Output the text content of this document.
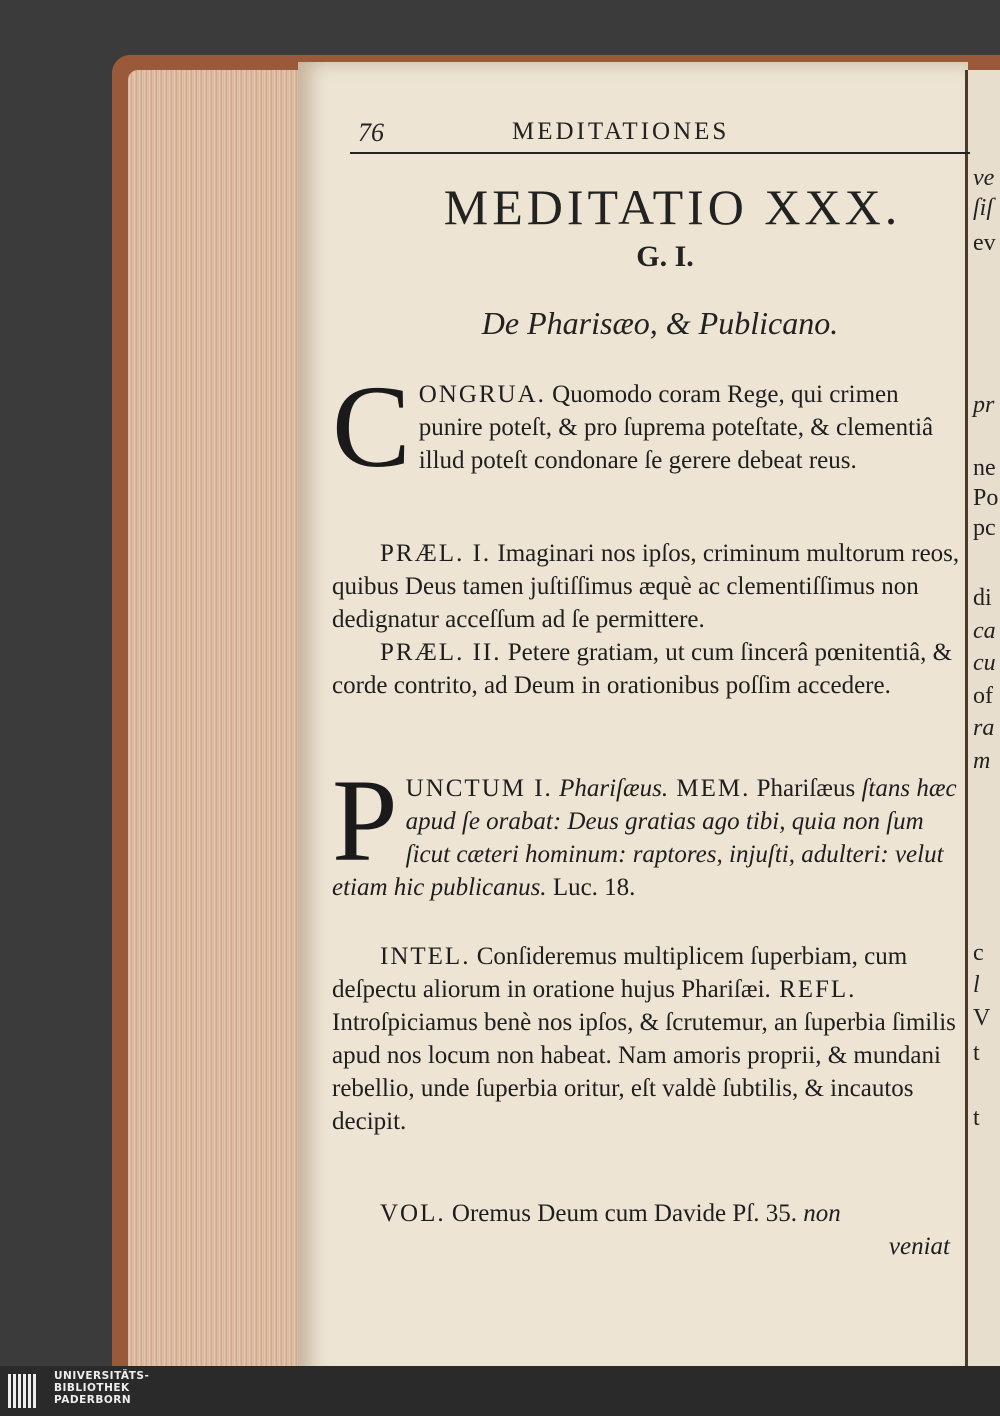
76	MEDITATIONES
MEDITATIO XXX.
G. I.
De Pharisæo, & Publicano.
C ONGRUA. Quomodo coram Rege, qui crimen punire poteſt, & pro ſuprema poteſtate, & clementiâ illud poteſt condonare ſe gerere debeat reus.
PRÆL. I. Imaginari nos ipſos, criminum multorum reos, quibus Deus tamen juſtiſſimus æquè ac clementiſſimus non dedignatur acceſſum ad ſe permittere.
PRÆL. II. Petere gratiam, ut cum ſincerâ pœnitentiâ, & corde contrito, ad Deum in orationibus poſſim accedere.
P UNCTUM I. Phariſæus. MEM. Phariſæus ſtans hæc apud ſe orabat: Deus gratias ago tibi, quia non ſum ſicut cæteri hominum: raptores, injuſti, adulteri: velut etiam hic publicanus. Luc. 18.
INTEL. Conſideremus multiplicem ſuperbiam, cum deſpectu aliorum in oratione hujus Phariſæi. REFL. Introſpiciamus benè nos ipſos, & ſcrutemur, an ſuperbia ſimilis apud nos locum non habeat. Nam amoris proprii, & mundani rebellio, unde ſuperbia oritur, eſt valdè ſubtilis, & incautos decipit.
VOL. Oremus Deum cum Davide Pſ. 35. non
veniat
ve
ſiſ
ev
pr
ne
Po
pc
di
ca
cu
of
ra
m
c
l
V
t
t
UNIVERSITÄTS-
BIBLIOTHEK
PADERBORN
